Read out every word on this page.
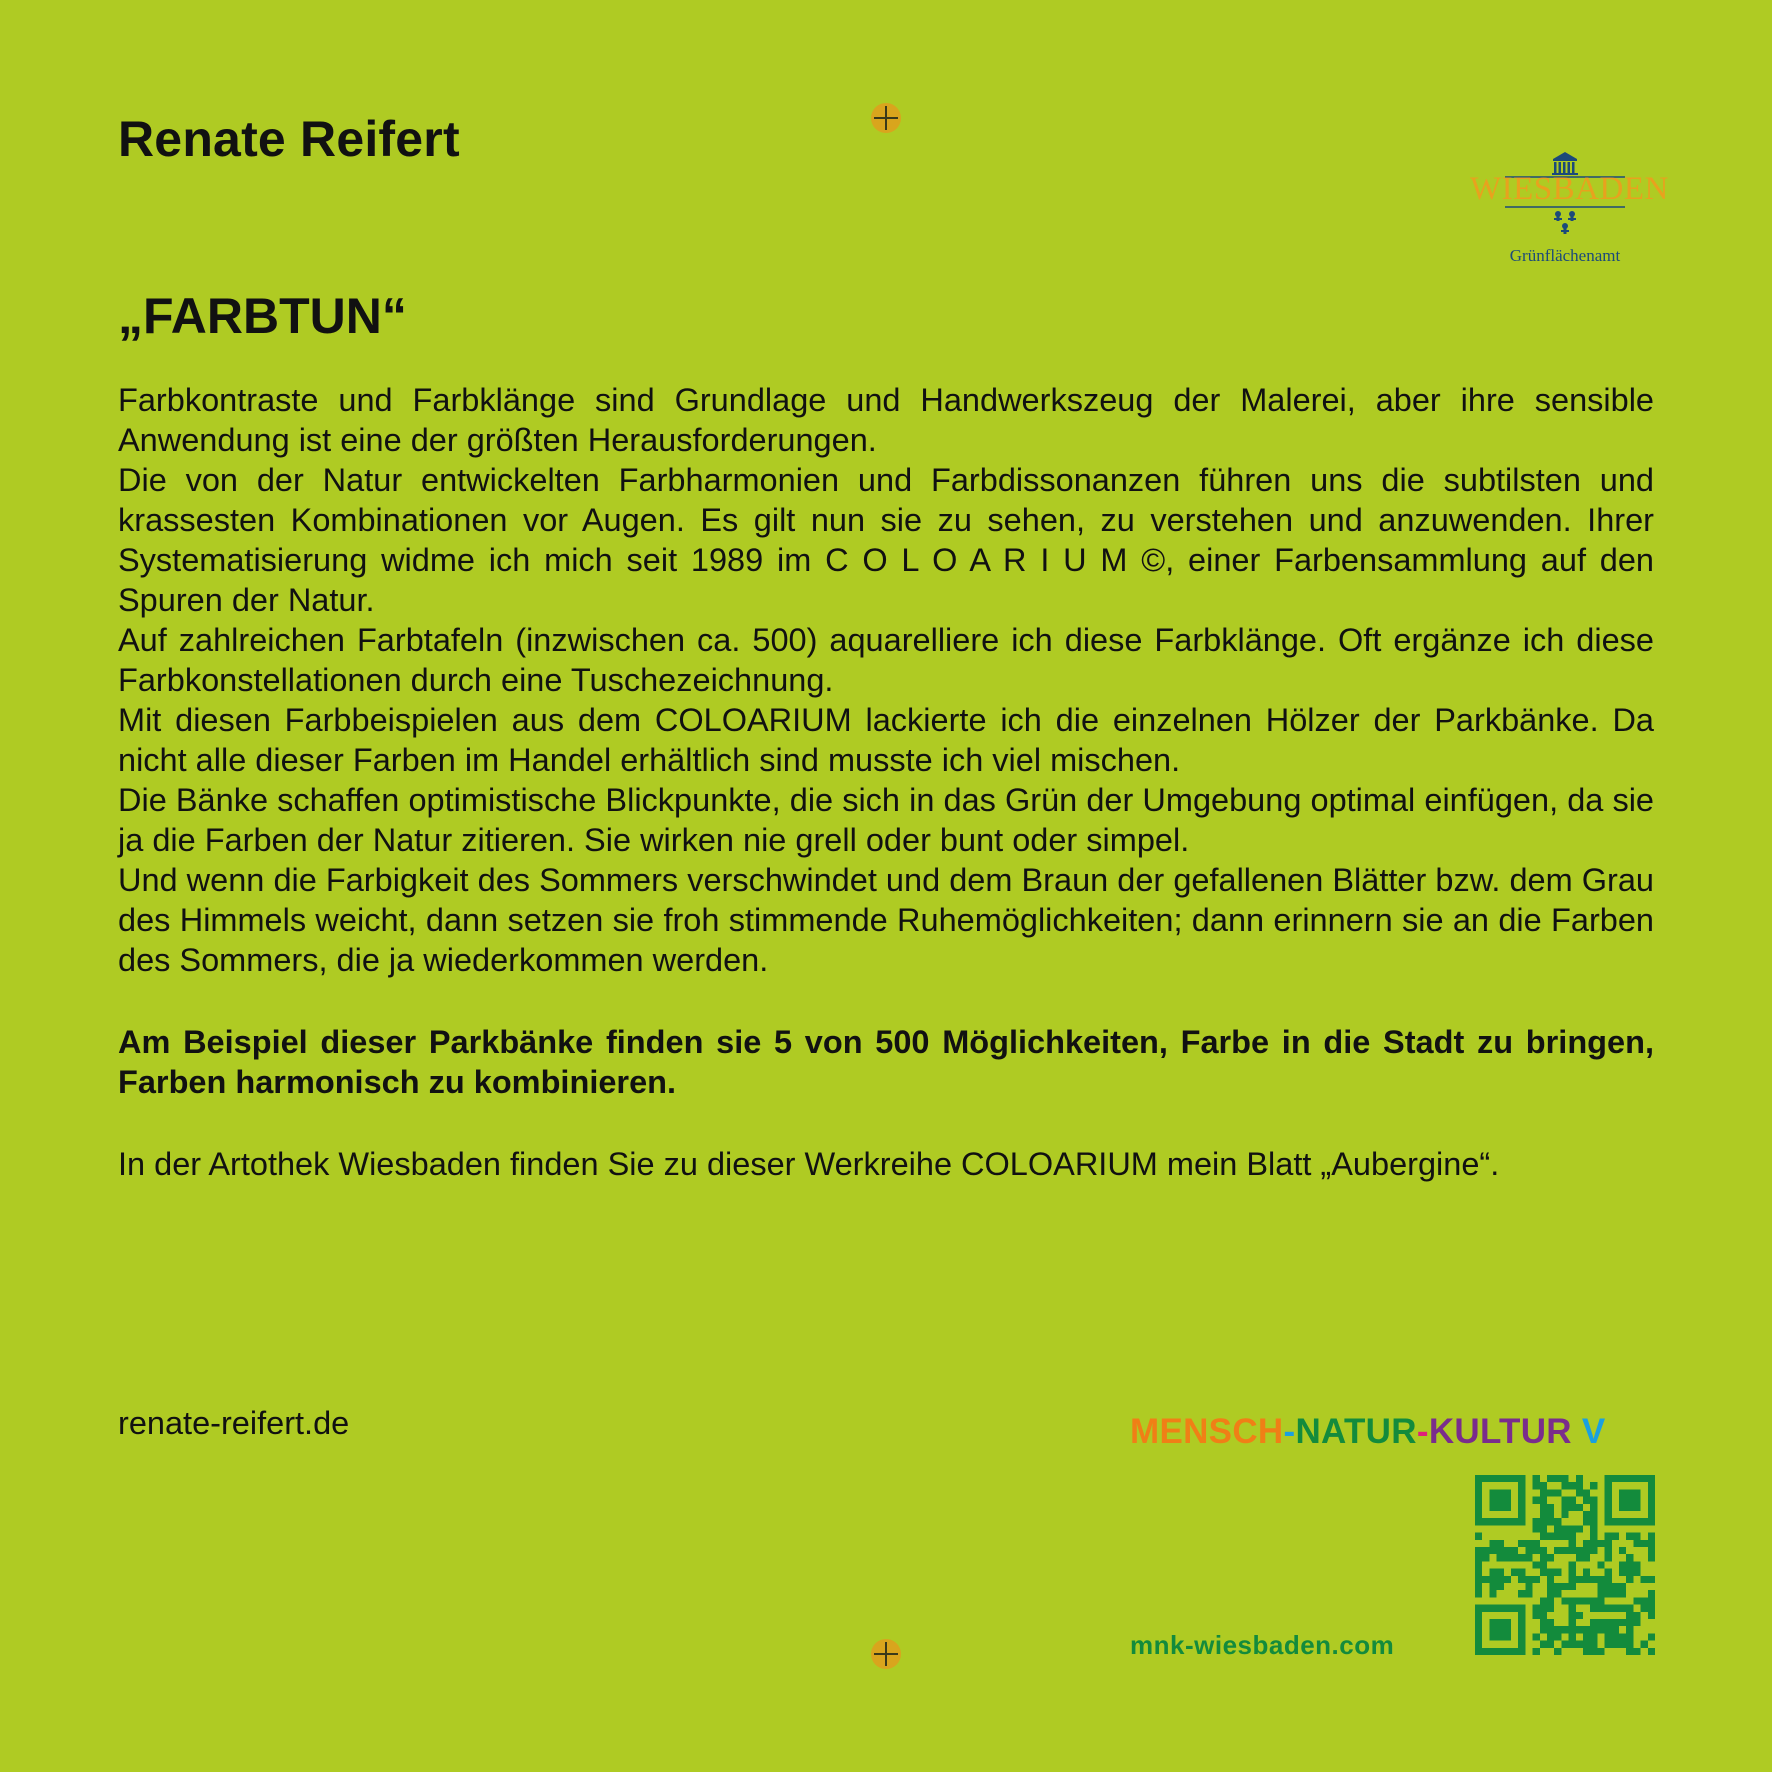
Renate Reifert
WIESBADEN
Grünflächenamt
„FARBTUN“

Farbkontraste und Farbklänge sind Grundlage und Handwerkszeug der Malerei, aber ihre sensible Anwendung ist eine der größten Herausforderungen.

Die von der Natur entwickelten Farbharmonien und Farbdissonanzen führen uns die subtilsten und krassesten Kombinationen vor Augen. Es gilt nun sie zu sehen, zu verstehen und anzuwenden. Ihrer Systematisierung widme ich mich seit 1989 im C O L O A R I U M ©, einer Farbensammlung auf den Spuren der Natur.

Auf zahlreichen Farbtafeln (inzwischen ca. 500) aquarelliere ich diese Farbklänge. Oft ergänze ich diese Farbkonstellationen durch eine Tuschezeichnung.

Mit diesen Farbbeispielen aus dem COLOARIUM lackierte ich die einzelnen Hölzer der Parkbänke. Da nicht alle dieser Farben im Handel erhältlich sind musste ich viel mischen.

Die Bänke schaffen optimistische Blickpunkte, die sich in das Grün der Umgebung optimal einfügen, da sie ja die Farben der Natur zitieren. Sie wirken nie grell oder bunt oder simpel.

Und wenn die Farbigkeit des Sommers verschwindet und dem Braun der gefallenen Blätter bzw. dem Grau des Himmels weicht, dann setzen sie froh stimmende Ruhemöglichkeiten; dann erinnern sie an die Farben des Sommers, die ja wiederkommen werden.

Am Beispiel dieser Parkbänke finden sie 5 von 500 Möglichkeiten, Farbe in die Stadt zu bringen, Farben harmonisch zu kombinieren.

In der Artothek Wiesbaden finden Sie zu dieser Werkreihe COLOARIUM mein Blatt „Aubergine“.

renate-reifert.de	MENSCH-NATUR-KULTUR V

mnk-wiesbaden.com
